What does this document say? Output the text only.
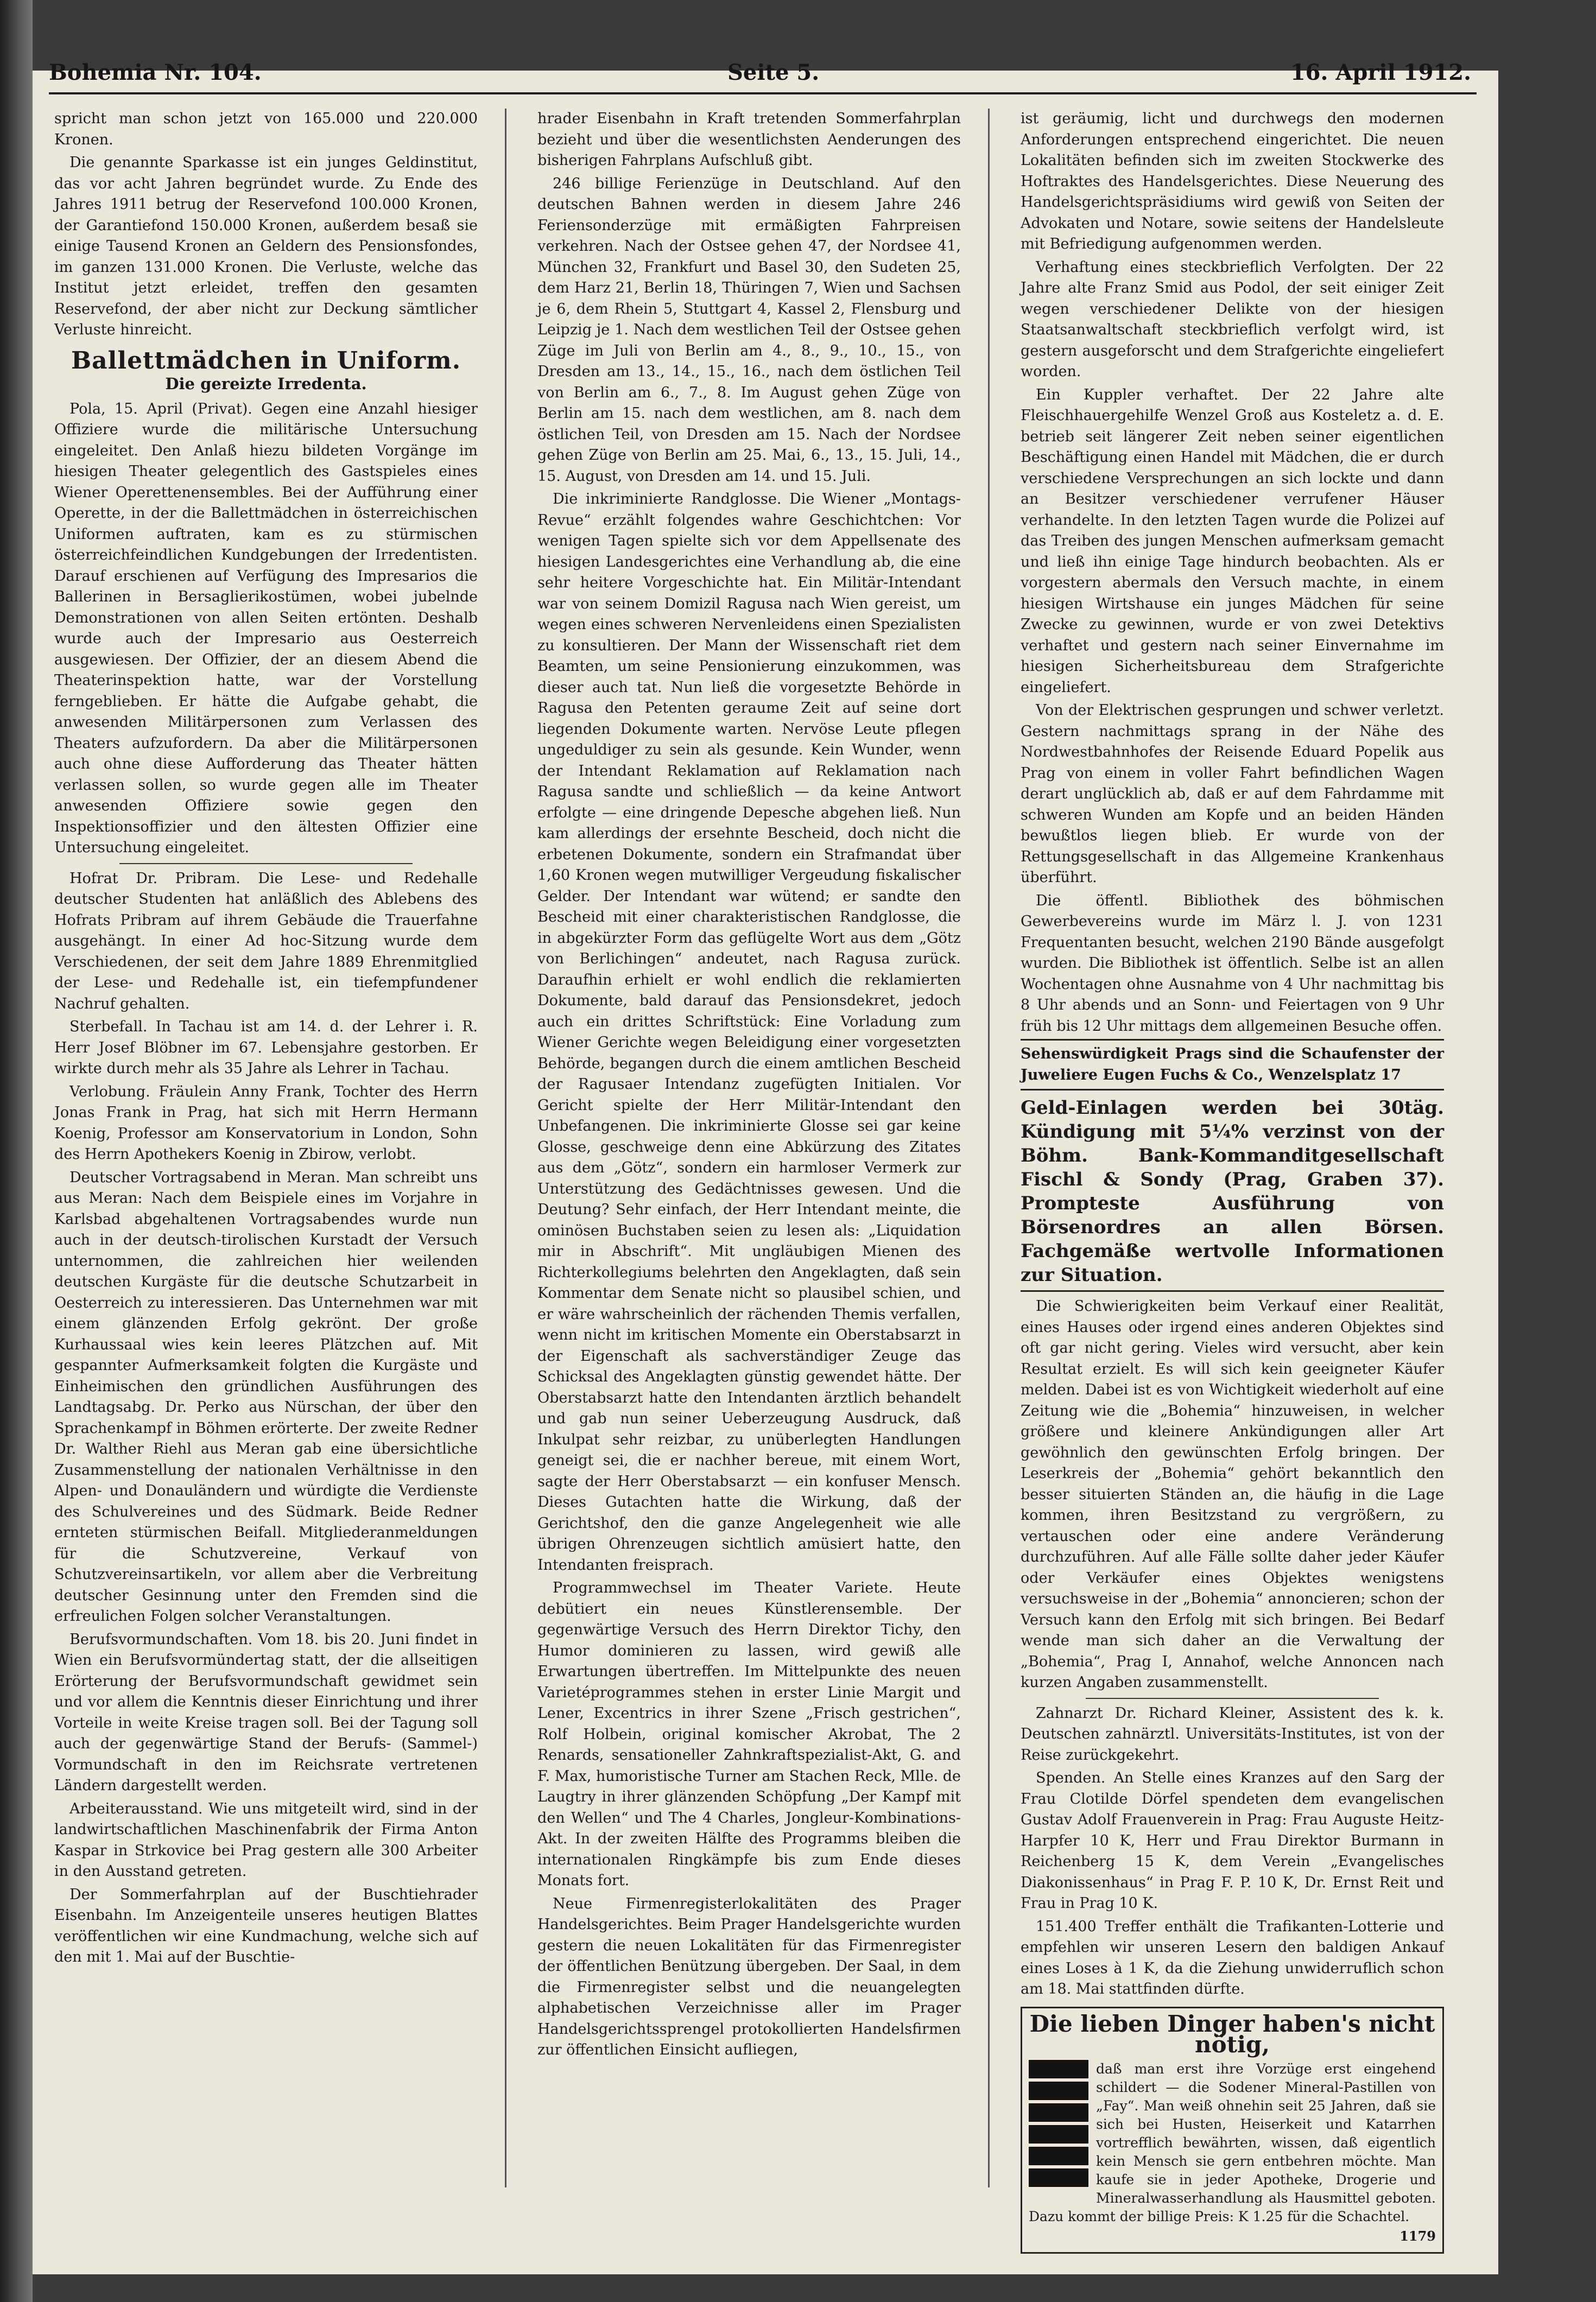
Bohemia Nr. 104.	Seite 5.	16. April 1912.

spricht man schon jetzt von 165.000 und 220.000 Kronen.

Die genannte Sparkasse ist ein junges Geldinstitut, das vor acht Jahren begründet wurde. Zu Ende des Jahres 1911 betrug der Reservefond 100.000 Kronen, der Garantiefond 150.000 Kronen, außerdem besaß sie einige Tausend Kronen an Geldern des Pensionsfondes, im ganzen 131.000 Kronen. Die Verluste, welche das Institut jetzt erleidet, treffen den gesamten Reservefond, der aber nicht zur Deckung sämtlicher Verluste hinreicht.

Ballettmädchen in Uniform.
Die gereizte Irredenta.

Pola, 15. April (Privat). Gegen eine Anzahl hiesiger Offiziere wurde die militärische Untersuchung eingeleitet. Den Anlaß hiezu bildeten Vorgänge im hiesigen Theater gelegentlich des Gastspieles eines Wiener Operettenensembles. Bei der Aufführung einer Operette, in der die Ballettmädchen in österreichischen Uniformen auftraten, kam es zu stürmischen österreichfeindlichen Kundgebungen der Irredentisten. Darauf erschienen auf Verfügung des Impresarios die Ballerinen in Bersaglierikostümen, wobei jubelnde Demonstrationen von allen Seiten ertönten. Deshalb wurde auch der Impresario aus Oesterreich ausgewiesen. Der Offizier, der an diesem Abend die Theaterinspektion hatte, war der Vorstellung ferngeblieben. Er hätte die Aufgabe gehabt, die anwesenden Militärpersonen zum Verlassen des Theaters aufzufordern. Da aber die Militärpersonen auch ohne diese Aufforderung das Theater hätten verlassen sollen, so wurde gegen alle im Theater anwesenden Offiziere sowie gegen den Inspektionsoffizier und den ältesten Offizier eine Untersuchung eingeleitet.

Hofrat Dr. Pribram. Die Lese- und Redehalle deutscher Studenten hat anläßlich des Ablebens des Hofrats Pribram auf ihrem Gebäude die Trauerfahne ausgehängt. In einer Ad hoc-Sitzung wurde dem Verschiedenen, der seit dem Jahre 1889 Ehrenmitglied der Lese- und Redehalle ist, ein tiefempfundener Nachruf gehalten.

Sterbefall. In Tachau ist am 14. d. der Lehrer i. R. Herr Josef Blöbner im 67. Lebensjahre gestorben. Er wirkte durch mehr als 35 Jahre als Lehrer in Tachau.

Verlobung. Fräulein Anny Frank, Tochter des Herrn Jonas Frank in Prag, hat sich mit Herrn Hermann Koenig, Professor am Konservatorium in London, Sohn des Herrn Apothekers Koenig in Zbirow, verlobt.

Deutscher Vortragsabend in Meran. Man schreibt uns aus Meran: Nach dem Beispiele eines im Vorjahre in Karlsbad abgehaltenen Vortragsabendes wurde nun auch in der deutsch-tirolischen Kurstadt der Versuch unternommen, die zahlreichen hier weilenden deutschen Kurgäste für die deutsche Schutzarbeit in Oesterreich zu interessieren. Das Unternehmen war mit einem glänzenden Erfolg gekrönt. Der große Kurhaussaal wies kein leeres Plätzchen auf. Mit gespannter Aufmerksamkeit folgten die Kurgäste und Einheimischen den gründlichen Ausführungen des Landtagsabg. Dr. Perko aus Nürschan, der über den Sprachenkampf in Böhmen erörterte. Der zweite Redner Dr. Walther Riehl aus Meran gab eine übersichtliche Zusammenstellung der nationalen Verhältnisse in den Alpen- und Donauländern und würdigte die Verdienste des Schulvereines und des Südmark. Beide Redner ernteten stürmischen Beifall. Mitgliederanmeldungen für die Schutzvereine, Verkauf von Schutzvereinsartikeln, vor allem aber die Verbreitung deutscher Gesinnung unter den Fremden sind die erfreulichen Folgen solcher Veranstaltungen.

Berufsvormundschaften. Vom 18. bis 20. Juni findet in Wien ein Berufsvormündertag statt, der die allseitigen Erörterung der Berufsvormundschaft gewidmet sein und vor allem die Kenntnis dieser Einrichtung und ihrer Vorteile in weite Kreise tragen soll. Bei der Tagung soll auch der gegenwärtige Stand der Berufs- (Sammel-) Vormundschaft in den im Reichsrate vertretenen Ländern dargestellt werden.

Arbeiterausstand. Wie uns mitgeteilt wird, sind in der landwirtschaftlichen Maschinenfabrik der Firma Anton Kaspar in Strkovice bei Prag gestern alle 300 Arbeiter in den Ausstand getreten.

Der Sommerfahrplan auf der Buschtiehrader Eisenbahn. Im Anzeigenteile unseres heutigen Blattes veröffentlichen wir eine Kundmachung, welche sich auf den mit 1. Mai auf der Buschtie-

hrader Eisenbahn in Kraft tretenden Sommerfahrplan bezieht und über die wesentlichsten Aenderungen des bisherigen Fahrplans Aufschluß gibt.

246 billige Ferienzüge in Deutschland. Auf den deutschen Bahnen werden in diesem Jahre 246 Feriensonderzüge mit ermäßigten Fahrpreisen verkehren. Nach der Ostsee gehen 47, der Nordsee 41, München 32, Frankfurt und Basel 30, den Sudeten 25, dem Harz 21, Berlin 18, Thüringen 7, Wien und Sachsen je 6, dem Rhein 5, Stuttgart 4, Kassel 2, Flensburg und Leipzig je 1. Nach dem westlichen Teil der Ostsee gehen Züge im Juli von Berlin am 4., 8., 9., 10., 15., von Dresden am 13., 14., 15., 16., nach dem östlichen Teil von Berlin am 6., 7., 8. Im August gehen Züge von Berlin am 15. nach dem westlichen, am 8. nach dem östlichen Teil, von Dresden am 15. Nach der Nordsee gehen Züge von Berlin am 25. Mai, 6., 13., 15. Juli, 14., 15. August, von Dresden am 14. und 15. Juli.

Die inkriminierte Randglosse. Die Wiener „Montags-Revue“ erzählt folgendes wahre Geschichtchen: Vor wenigen Tagen spielte sich vor dem Appellsenate des hiesigen Landesgerichtes eine Verhandlung ab, die eine sehr heitere Vorgeschichte hat. Ein Militär-Intendant war von seinem Domizil Ragusa nach Wien gereist, um wegen eines schweren Nervenleidens einen Spezialisten zu konsultieren. Der Mann der Wissenschaft riet dem Beamten, um seine Pensionierung einzukommen, was dieser auch tat. Nun ließ die vorgesetzte Behörde in Ragusa den Petenten geraume Zeit auf seine dort liegenden Dokumente warten. Nervöse Leute pflegen ungeduldiger zu sein als gesunde. Kein Wunder, wenn der Intendant Reklamation auf Reklamation nach Ragusa sandte und schließlich — da keine Antwort erfolgte — eine dringende Depesche abgehen ließ. Nun kam allerdings der ersehnte Bescheid, doch nicht die erbetenen Dokumente, sondern ein Strafmandat über 1,60 Kronen wegen mutwilliger Vergeudung fiskalischer Gelder. Der Intendant war wütend; er sandte den Bescheid mit einer charakteristischen Randglosse, die in abgekürzter Form das geflügelte Wort aus dem „Götz von Berlichingen“ andeutet, nach Ragusa zurück. Daraufhin erhielt er wohl endlich die reklamierten Dokumente, bald darauf das Pensionsdekret, jedoch auch ein drittes Schriftstück: Eine Vorladung zum Wiener Gerichte wegen Beleidigung einer vorgesetzten Behörde, begangen durch die einem amtlichen Bescheid der Ragusaer Intendanz zugefügten Initialen. Vor Gericht spielte der Herr Militär-Intendant den Unbefangenen. Die inkriminierte Glosse sei gar keine Glosse, geschweige denn eine Abkürzung des Zitates aus dem „Götz“, sondern ein harmloser Vermerk zur Unterstützung des Gedächtnisses gewesen. Und die Deutung? Sehr einfach, der Herr Intendant meinte, die ominösen Buchstaben seien zu lesen als: „Liquidation mir in Abschrift“. Mit ungläubigen Mienen des Richterkollegiums belehrten den Angeklagten, daß sein Kommentar dem Senate nicht so plausibel schien, und er wäre wahrscheinlich der rächenden Themis verfallen, wenn nicht im kritischen Momente ein Oberstabsarzt in der Eigenschaft als sachverständiger Zeuge das Schicksal des Angeklagten günstig gewendet hätte. Der Oberstabsarzt hatte den Intendanten ärztlich behandelt und gab nun seiner Ueberzeugung Ausdruck, daß Inkulpat sehr reizbar, zu unüberlegten Handlungen geneigt sei, die er nachher bereue, mit einem Wort, sagte der Herr Oberstabsarzt — ein konfuser Mensch. Dieses Gutachten hatte die Wirkung, daß der Gerichtshof, den die ganze Angelegenheit wie alle übrigen Ohrenzeugen sichtlich amüsiert hatte, den Intendanten freisprach.

Programmwechsel im Theater Variete. Heute debütiert ein neues Künstlerensemble. Der gegenwärtige Versuch des Herrn Direktor Tichy, den Humor dominieren zu lassen, wird gewiß alle Erwartungen übertreffen. Im Mittelpunkte des neuen Varietéprogrammes stehen in erster Linie Margit und Lener, Excentrics in ihrer Szene „Frisch gestrichen“, Rolf Holbein, original komischer Akrobat, The 2 Renards, sensationeller Zahnkraftspezialist-Akt, G. and F. Max, humoristische Turner am Stachen Reck, Mlle. de Laugtry in ihrer glänzenden Schöpfung „Der Kampf mit den Wellen“ und The 4 Charles, Jongleur-Kombinations-Akt. In der zweiten Hälfte des Programms bleiben die internationalen Ringkämpfe bis zum Ende dieses Monats fort.

Neue Firmenregisterlokalitäten des Prager Handelsgerichtes. Beim Prager Handelsgerichte wurden gestern die neuen Lokalitäten für das Firmenregister der öffentlichen Benützung übergeben. Der Saal, in dem die Firmenregister selbst und die neuangelegten alphabetischen Verzeichnisse aller im Prager Handelsgerichtssprengel protokollierten Handelsfirmen zur öffentlichen Einsicht aufliegen,

ist geräumig, licht und durchwegs den modernen Anforderungen entsprechend eingerichtet. Die neuen Lokalitäten befinden sich im zweiten Stockwerke des Hoftraktes des Handelsgerichtes. Diese Neuerung des Handelsgerichtspräsidiums wird gewiß von Seiten der Advokaten und Notare, sowie seitens der Handelsleute mit Befriedigung aufgenommen werden.

Verhaftung eines steckbrieflich Verfolgten. Der 22 Jahre alte Franz Smid aus Podol, der seit einiger Zeit wegen verschiedener Delikte von der hiesigen Staatsanwaltschaft steckbrieflich verfolgt wird, ist gestern ausgeforscht und dem Strafgerichte eingeliefert worden.

Ein Kuppler verhaftet. Der 22 Jahre alte Fleischhauergehilfe Wenzel Groß aus Kosteletz a. d. E. betrieb seit längerer Zeit neben seiner eigentlichen Beschäftigung einen Handel mit Mädchen, die er durch verschiedene Versprechungen an sich lockte und dann an Besitzer verschiedener verrufener Häuser verhandelte. In den letzten Tagen wurde die Polizei auf das Treiben des jungen Menschen aufmerksam gemacht und ließ ihn einige Tage hindurch beobachten. Als er vorgestern abermals den Versuch machte, in einem hiesigen Wirtshause ein junges Mädchen für seine Zwecke zu gewinnen, wurde er von zwei Detektivs verhaftet und gestern nach seiner Einvernahme im hiesigen Sicherheitsbureau dem Strafgerichte eingeliefert.

Von der Elektrischen gesprungen und schwer verletzt. Gestern nachmittags sprang in der Nähe des Nordwestbahnhofes der Reisende Eduard Popelik aus Prag von einem in voller Fahrt befindlichen Wagen derart unglücklich ab, daß er auf dem Fahrdamme mit schweren Wunden am Kopfe und an beiden Händen bewußtlos liegen blieb. Er wurde von der Rettungsgesellschaft in das Allgemeine Krankenhaus überführt.

Die öffentl. Bibliothek des böhmischen Gewerbevereins wurde im März l. J. von 1231 Frequentanten besucht, welchen 2190 Bände ausgefolgt wurden. Die Bibliothek ist öffentlich. Selbe ist an allen Wochentagen ohne Ausnahme von 4 Uhr nachmittag bis 8 Uhr abends und an Sonn- und Feiertagen von 9 Uhr früh bis 12 Uhr mittags dem allgemeinen Besuche offen.

Sehenswürdigkeit Prags sind die Schaufenster der Juweliere Eugen Fuchs & Co., Wenzelsplatz 17

Geld-Einlagen werden bei 30täg. Kündigung mit 5¼% verzinst von der Böhm. Bank-Kommanditgesellschaft Fischl & Sondy (Prag, Graben 37). Prompteste Ausführung von Börsenordres an allen Börsen. Fachgemäße wertvolle Informationen zur Situation.

Die Schwierigkeiten beim Verkauf einer Realität, eines Hauses oder irgend eines anderen Objektes sind oft gar nicht gering. Vieles wird versucht, aber kein Resultat erzielt. Es will sich kein geeigneter Käufer melden. Dabei ist es von Wichtigkeit wiederholt auf eine Zeitung wie die „Bohemia“ hinzuweisen, in welcher größere und kleinere Ankündigungen aller Art gewöhnlich den gewünschten Erfolg bringen. Der Leserkreis der „Bohemia“ gehört bekanntlich den besser situierten Ständen an, die häufig in die Lage kommen, ihren Besitzstand zu vergrößern, zu vertauschen oder eine andere Veränderung durchzuführen. Auf alle Fälle sollte daher jeder Käufer oder Verkäufer eines Objektes wenigstens versuchsweise in der „Bohemia“ annoncieren; schon der Versuch kann den Erfolg mit sich bringen. Bei Bedarf wende man sich daher an die Verwaltung der „Bohemia“, Prag I, Annahof, welche Annoncen nach kurzen Angaben zusammenstellt.

Zahnarzt Dr. Richard Kleiner, Assistent des k. k. Deutschen zahnärztl. Universitäts-Institutes, ist von der Reise zurückgekehrt.

Spenden. An Stelle eines Kranzes auf den Sarg der Frau Clotilde Dörfel spendeten dem evangelischen Gustav Adolf Frauenverein in Prag: Frau Auguste Heitz-Harpfer 10 K, Herr und Frau Direktor Burmann in Reichenberg 15 K, dem Verein „Evangelisches Diakonissenhaus“ in Prag F. P. 10 K, Dr. Ernst Reit und Frau in Prag 10 K.

151.400 Treffer enthält die Trafikanten-Lotterie und empfehlen wir unseren Lesern den baldigen Ankauf eines Loses à 1 K, da die Ziehung unwiderruflich schon am 18. Mai stattfinden dürfte.

Die lieben Dinger haben's nicht nötig,
daß man erst ihre Vorzüge erst eingehend schildert — die Sodener Mineral-Pastillen von „Fay“. Man weiß ohnehin seit 25 Jahren, daß sie sich bei Husten, Heiserkeit und Katarrhen vortrefflich bewährten, wissen, daß eigentlich kein Mensch sie gern entbehren möchte. Man kaufe sie in jeder Apotheke, Drogerie und Mineralwasserhandlung als Hausmittel geboten. Dazu kommt der billige Preis: K 1.25 für die Schachtel.
1179
